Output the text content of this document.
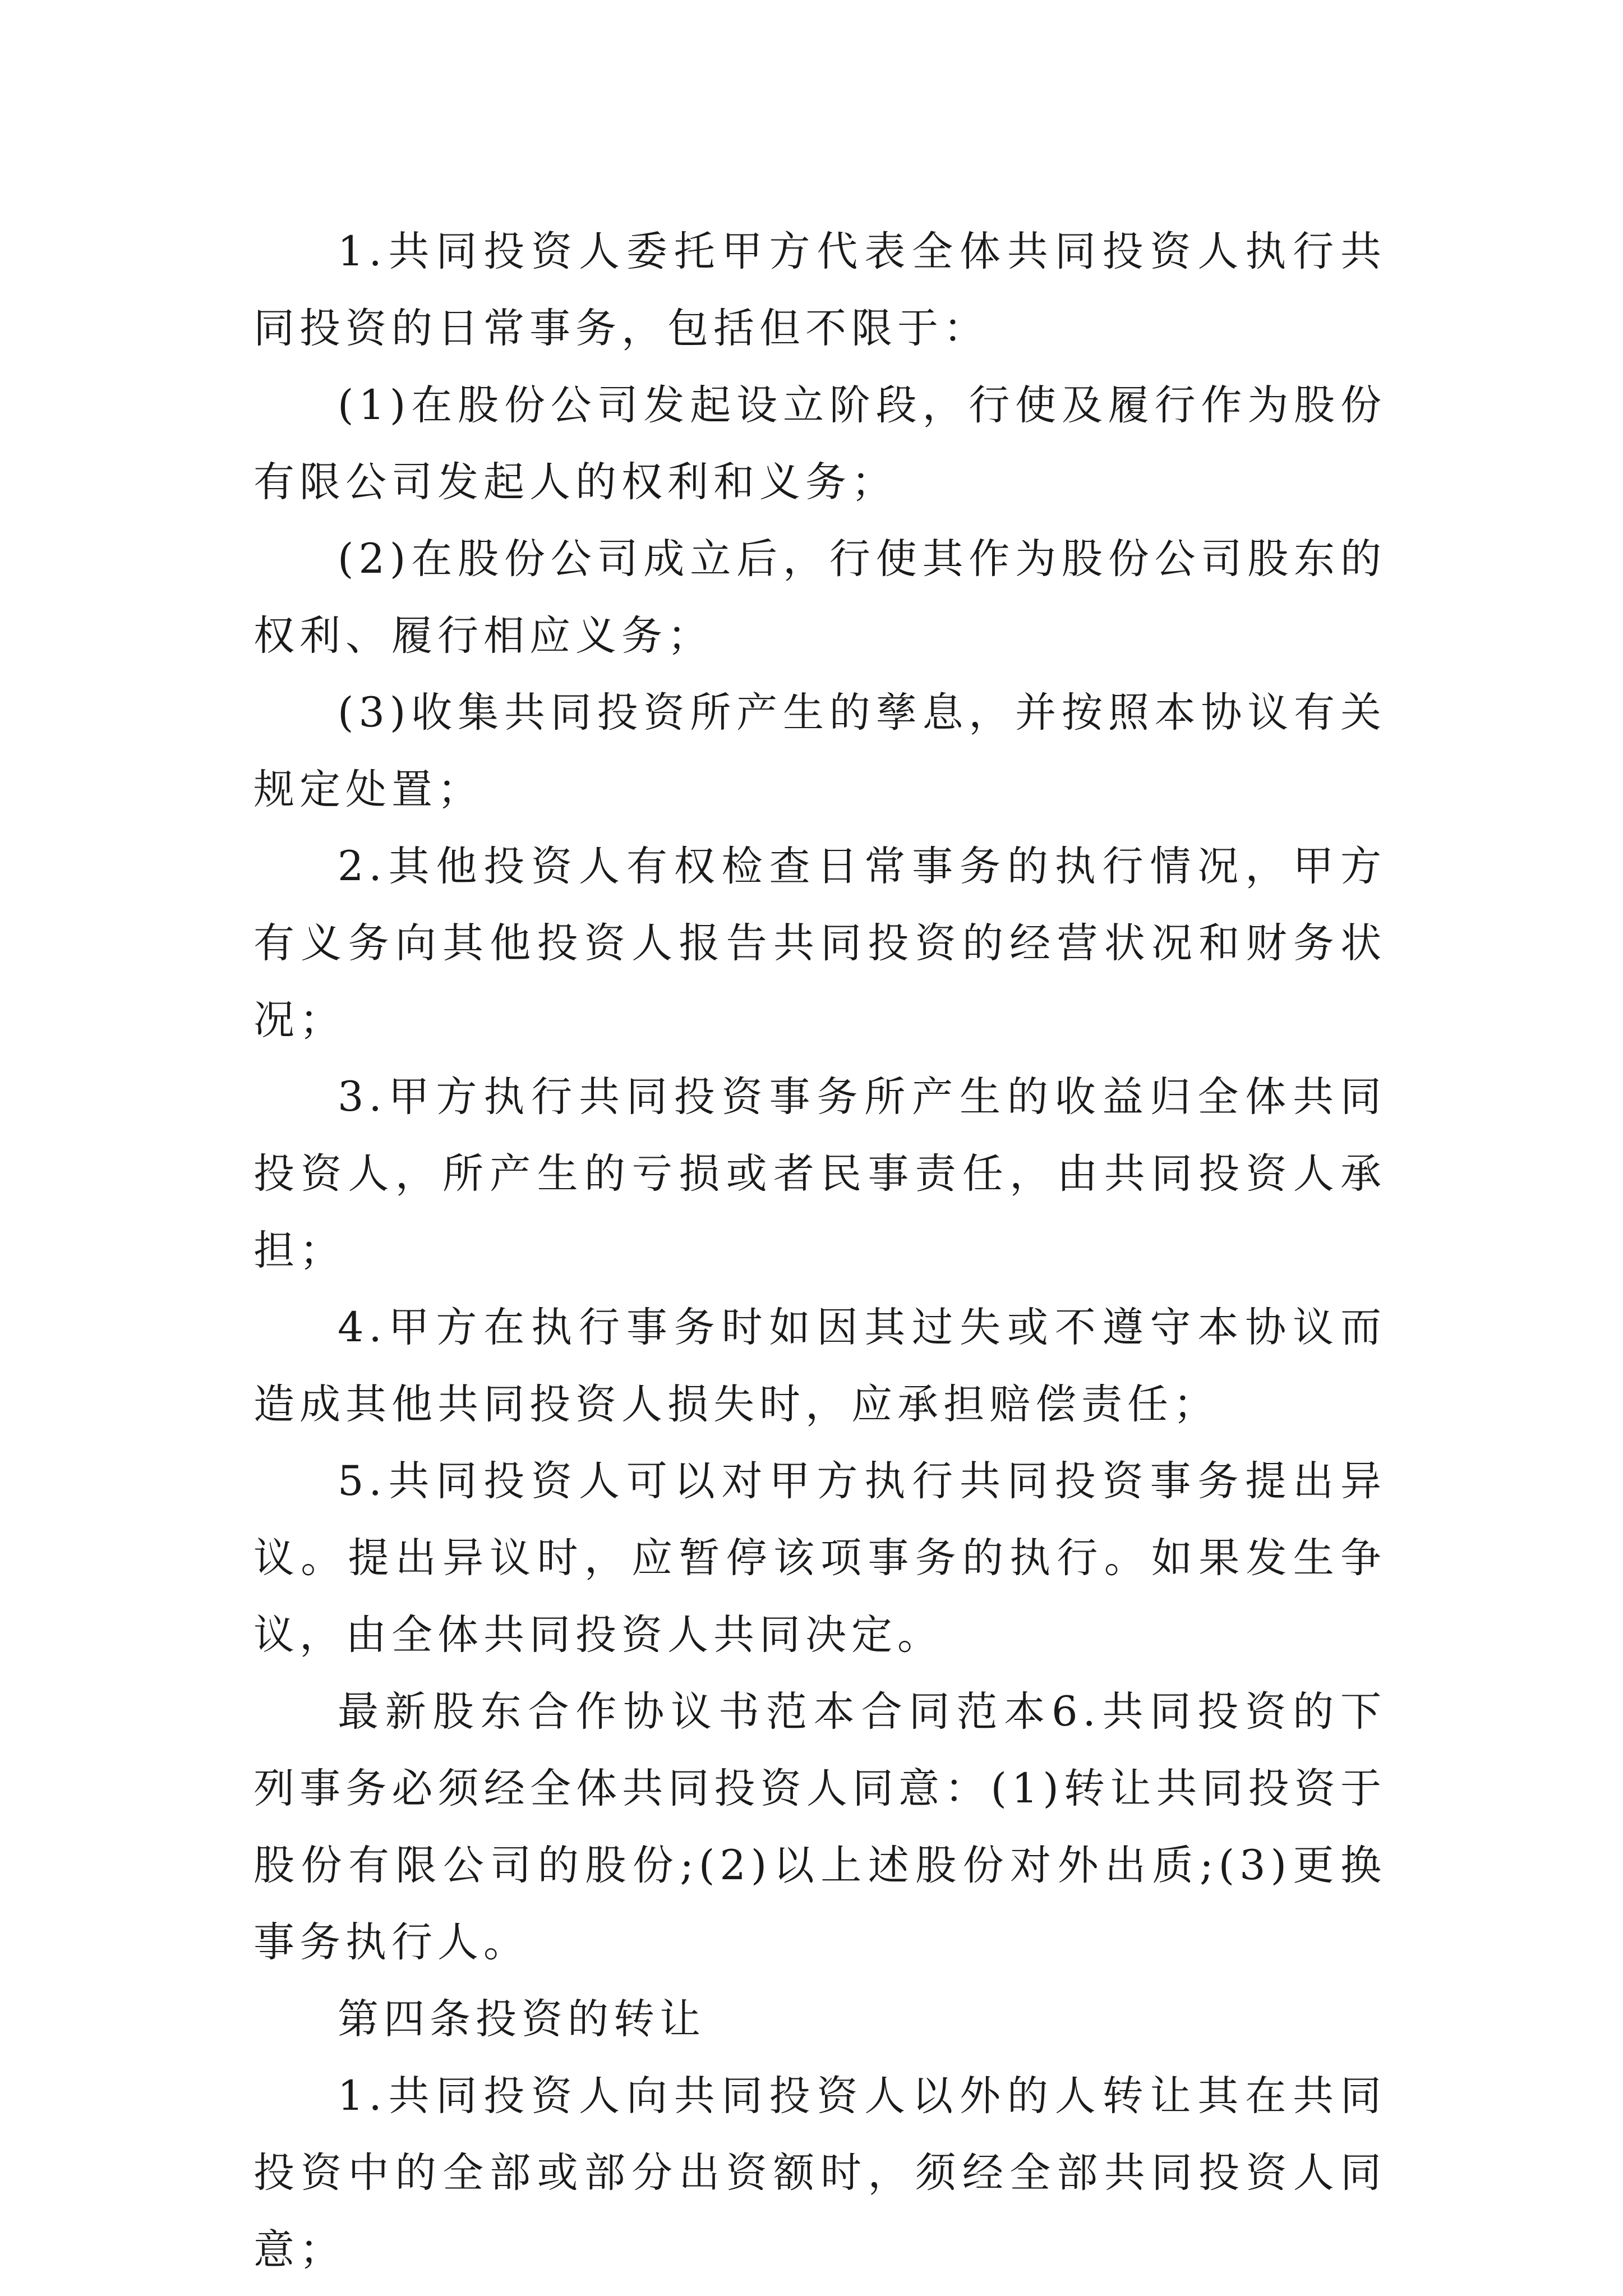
1.共同投资人委托甲方代表全体共同投资人执行共同投资的日常事务，包括但不限于：

(1)在股份公司发起设立阶段，行使及履行作为股份有限公司发起人的权利和义务；

(2)在股份公司成立后，行使其作为股份公司股东的权利、履行相应义务；

(3)收集共同投资所产生的孳息，并按照本协议有关规定处置；

2.其他投资人有权检查日常事务的执行情况，甲方有义务向其他投资人报告共同投资的经营状况和财务状况；

3.甲方执行共同投资事务所产生的收益归全体共同投资人，所产生的亏损或者民事责任，由共同投资人承担；

4.甲方在执行事务时如因其过失或不遵守本协议而造成其他共同投资人损失时，应承担赔偿责任；

5.共同投资人可以对甲方执行共同投资事务提出异议。提出异议时，应暂停该项事务的执行。如果发生争议，由全体共同投资人共同决定。

最新股东合作协议书范本合同范本6.共同投资的下列事务必须经全体共同投资人同意：(1)转让共同投资于股份有限公司的股份;(2)以上述股份对外出质;(3)更换事务执行人。

第四条投资的转让

1.共同投资人向共同投资人以外的人转让其在共同投资中的全部或部分出资额时，须经全部共同投资人同意；
